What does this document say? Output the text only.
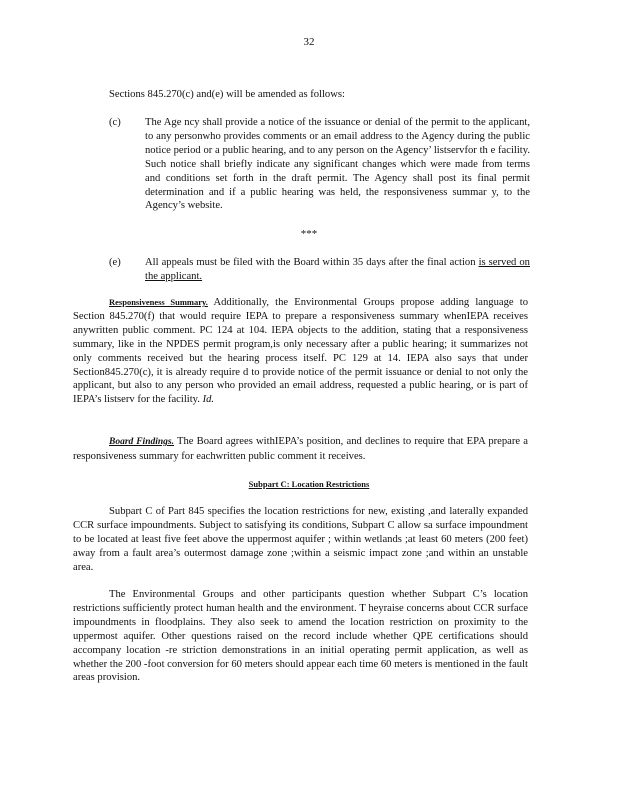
32
Sections 845.270(c) and(e) will be amended as follows:
(c) The Age ncy shall provide a notice of the issuance or denial of the permit to the applicant, to any personwho provides comments or an email address to the Agency during the public notice period or a public hearing, and to any person on the Agency’ listservfor th e facility. Such notice shall briefly indicate any significant changes which were made from terms and conditions set forth in the draft permit. The Agency shall post its final permit determination and if a public hearing was held, the responsiveness summar y, to the Agency’s website.
***
(e) All appeals must be filed with the Board within 35 days after the final action is served on the applicant.
Responsiveness Summary. Additionally, the Environmental Groups propose adding language to Section 845.270(f) that would require IEPA to prepare a responsiveness summary whenIEPA receives anywritten public comment. PC 124 at 104. IEPA objects to the addition, stating that a responsiveness summary, like in the NPDES permit program,is only necessary after a public hearing; it summarizes not only comments received but the hearing process itself. PC 129 at 14. IEPA also says that under Section845.270(c), it is already require d to provide notice of the permit issuance or denial to not only the applicant, but also to any person who provided an email address, requested a public hearing, or is part of IEPA’s listserv for the facility. Id.
Board Findings. The Board agrees withIEPA’s position, and declines to require that EPA prepare a responsiveness summary for eachwritten public comment it receives.
Subpart C: Location Restrictions
Subpart C of Part 845 specifies the location restrictions for new, existing ,and laterally expanded CCR surface impoundments. Subject to satisfying its conditions, Subpart C allow sa surface impoundment to be located at least five feet above the uppermost aquifer ; within wetlands ;at least 60 meters (200 feet) away from a fault area’s outermost damage zone ;within a seismic impact zone ;and within an unstable area.
The Environmental Groups and other participants question whether Subpart C’s location restrictions sufficiently protect human health and the environment. T heyraise concerns about CCR surface impoundments in floodplains. They also seek to amend the location restriction on proximity to the uppermost aquifer. Other questions raised on the record include whether QPE certifications should accompany location -re striction demonstrations in an initial operating permit application, as well as whether the 200 -foot conversion for 60 meters should appear each time 60 meters is mentioned in the fault areas provision.
